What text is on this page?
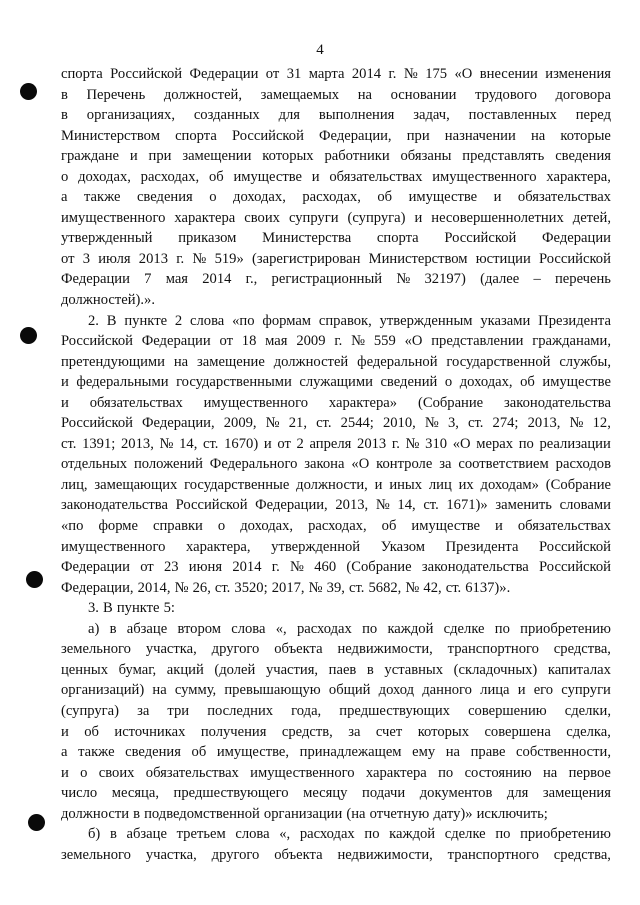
4
спорта Российской Федерации от 31 марта 2014 г. № 175 «О внесении изменения
в Перечень должностей, замещаемых на основании трудового договора
в организациях, созданных для выполнения задач, поставленных перед
Министерством спорта Российской Федерации, при назначении на которые
граждане и при замещении которых работники обязаны представлять сведения
о доходах, расходах, об имуществе и обязательствах имущественного характера,
а также сведения о доходах, расходах, об имуществе и обязательствах
имущественного характера своих супруги (супруга) и несовершеннолетних детей,
утвержденный приказом Министерства спорта Российской Федерации
от 3 июля 2013 г. № 519» (зарегистрирован Министерством юстиции Российской
Федерации 7 мая 2014 г., регистрационный № 32197) (далее – перечень
должностей).».
2. В пункте 2 слова «по формам справок, утвержденным указами Президента
Российской Федерации от 18 мая 2009 г. № 559 «О представлении гражданами,
претендующими на замещение должностей федеральной государственной службы,
и федеральными государственными служащими сведений о доходах, об имуществе
и обязательствах имущественного характера» (Собрание законодательства
Российской Федерации, 2009, № 21, ст. 2544; 2010, № 3, ст. 274; 2013, № 12,
ст. 1391; 2013, № 14, ст. 1670) и от 2 апреля 2013 г. № 310 «О мерах по реализации
отдельных положений Федерального закона «О контроле за соответствием расходов
лиц, замещающих государственные должности, и иных лиц их доходам» (Собрание
законодательства Российской Федерации, 2013, № 14, ст. 1671)» заменить словами
«по форме справки о доходах, расходах, об имуществе и обязательствах
имущественного характера, утвержденной Указом Президента Российской
Федерации от 23 июня 2014 г. № 460 (Собрание законодательства Российской
Федерации, 2014, № 26, ст. 3520; 2017, № 39, ст. 5682, № 42, ст. 6137)».
3. В пункте 5:
а) в абзаце втором слова «, расходах по каждой сделке по приобретению
земельного участка, другого объекта недвижимости, транспортного средства,
ценных бумаг, акций (долей участия, паев в уставных (складочных) капиталах
организаций) на сумму, превышающую общий доход данного лица и его супруги
(супруга) за три последних года, предшествующих совершению сделки,
и об источниках получения средств, за счет которых совершена сделка,
а также сведения об имуществе, принадлежащем ему на праве собственности,
и о своих обязательствах имущественного характера по состоянию на первое
число месяца, предшествующего месяцу подачи документов для замещения
должности в подведомственной организации (на отчетную дату)» исключить;
б) в абзаце третьем слова «, расходах по каждой сделке по приобретению
земельного участка, другого объекта недвижимости, транспортного средства,
